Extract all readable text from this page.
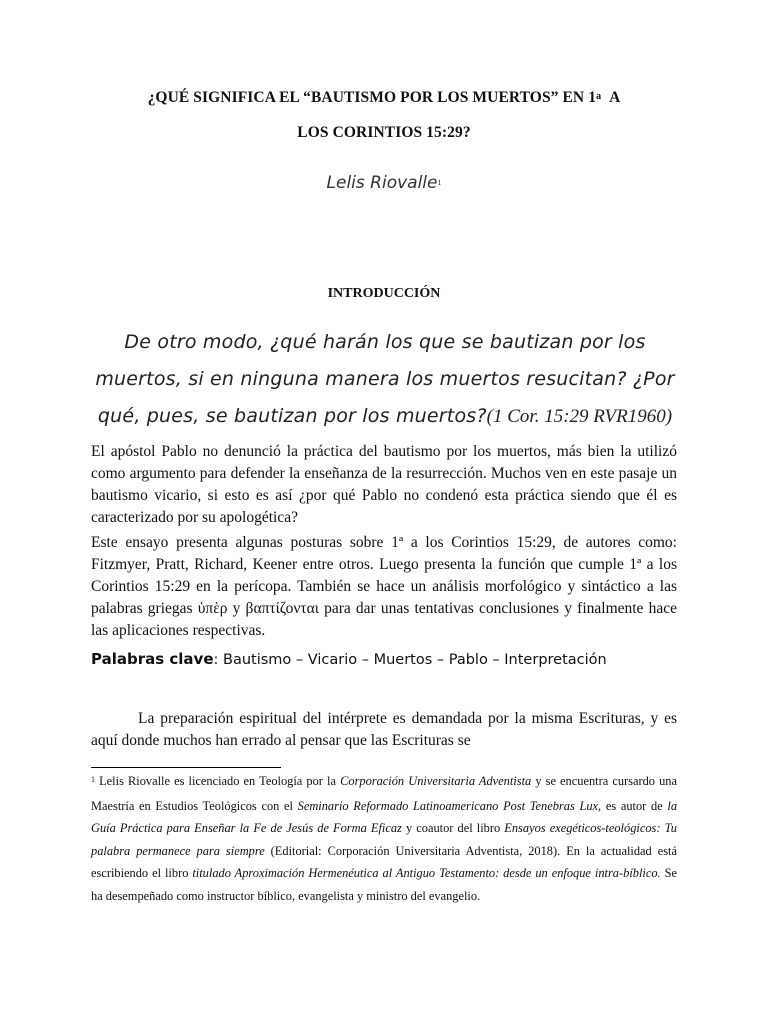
¿QUÉ SIGNIFICA EL “BAUTISMO POR LOS MUERTOS” EN 1$^a$ A
LOS CORINTIOS 15:29?
Lelis Riovalle$^1$
INTRODUCCIÓN
De otro modo, ¿qué harán los que se bautizan por los muertos, si en ninguna manera los muertos resucitan? ¿Por qué, pues, se bautizan por los muertos?(1 Cor. 15:29 RVR1960)
El apóstol Pablo no denunció la práctica del bautismo por los muertos, más bien la utilizó como argumento para defender la enseñanza de la resurrección. Muchos ven en este pasaje un bautismo vicario, si esto es así ¿por qué Pablo no condenó esta práctica siendo que él es caracterizado por su apologética?
Este ensayo presenta algunas posturas sobre 1ª a los Corintios 15:29, de autores como: Fitzmyer, Pratt, Richard, Keener entre otros. Luego presenta la función que cumple 1ª a los Corintios 15:29 en la perícopa. También se hace un análisis morfológico y sintáctico a las palabras griegas ὑπὲρ y βαπτίζονται para dar unas tentativas conclusiones y finalmente hace las aplicaciones respectivas.
Palabras clave: Bautismo – Vicario – Muertos – Pablo – Interpretación
La preparación espiritual del intérprete es demandada por la misma Escrituras, y es aquí donde muchos han errado al pensar que las Escrituras se
$^1$ Lelis Riovalle es licenciado en Teología por la Corporación Universitaria Adventista y se encuentra cursardo una Maestría en Estudios Teológicos con el Seminario Reformado Latinoamericano Post Tenebras Lux, es autor de la Guía Práctica para Enseñar la Fe de Jesús de Forma Eficaz y coautor del libro Ensayos exegéticos-teológicos: Tu palabra permanece para siempre (Editorial: Corporación Universitaria Adventista, 2018). En la actualidad está escribiendo el libro titulado Aproximación Hermenéutica al Antiguo Testamento: desde un enfoque intra-bíblico. Se ha desempeñado como instructor bíblico, evangelista y ministro del evangelio.
